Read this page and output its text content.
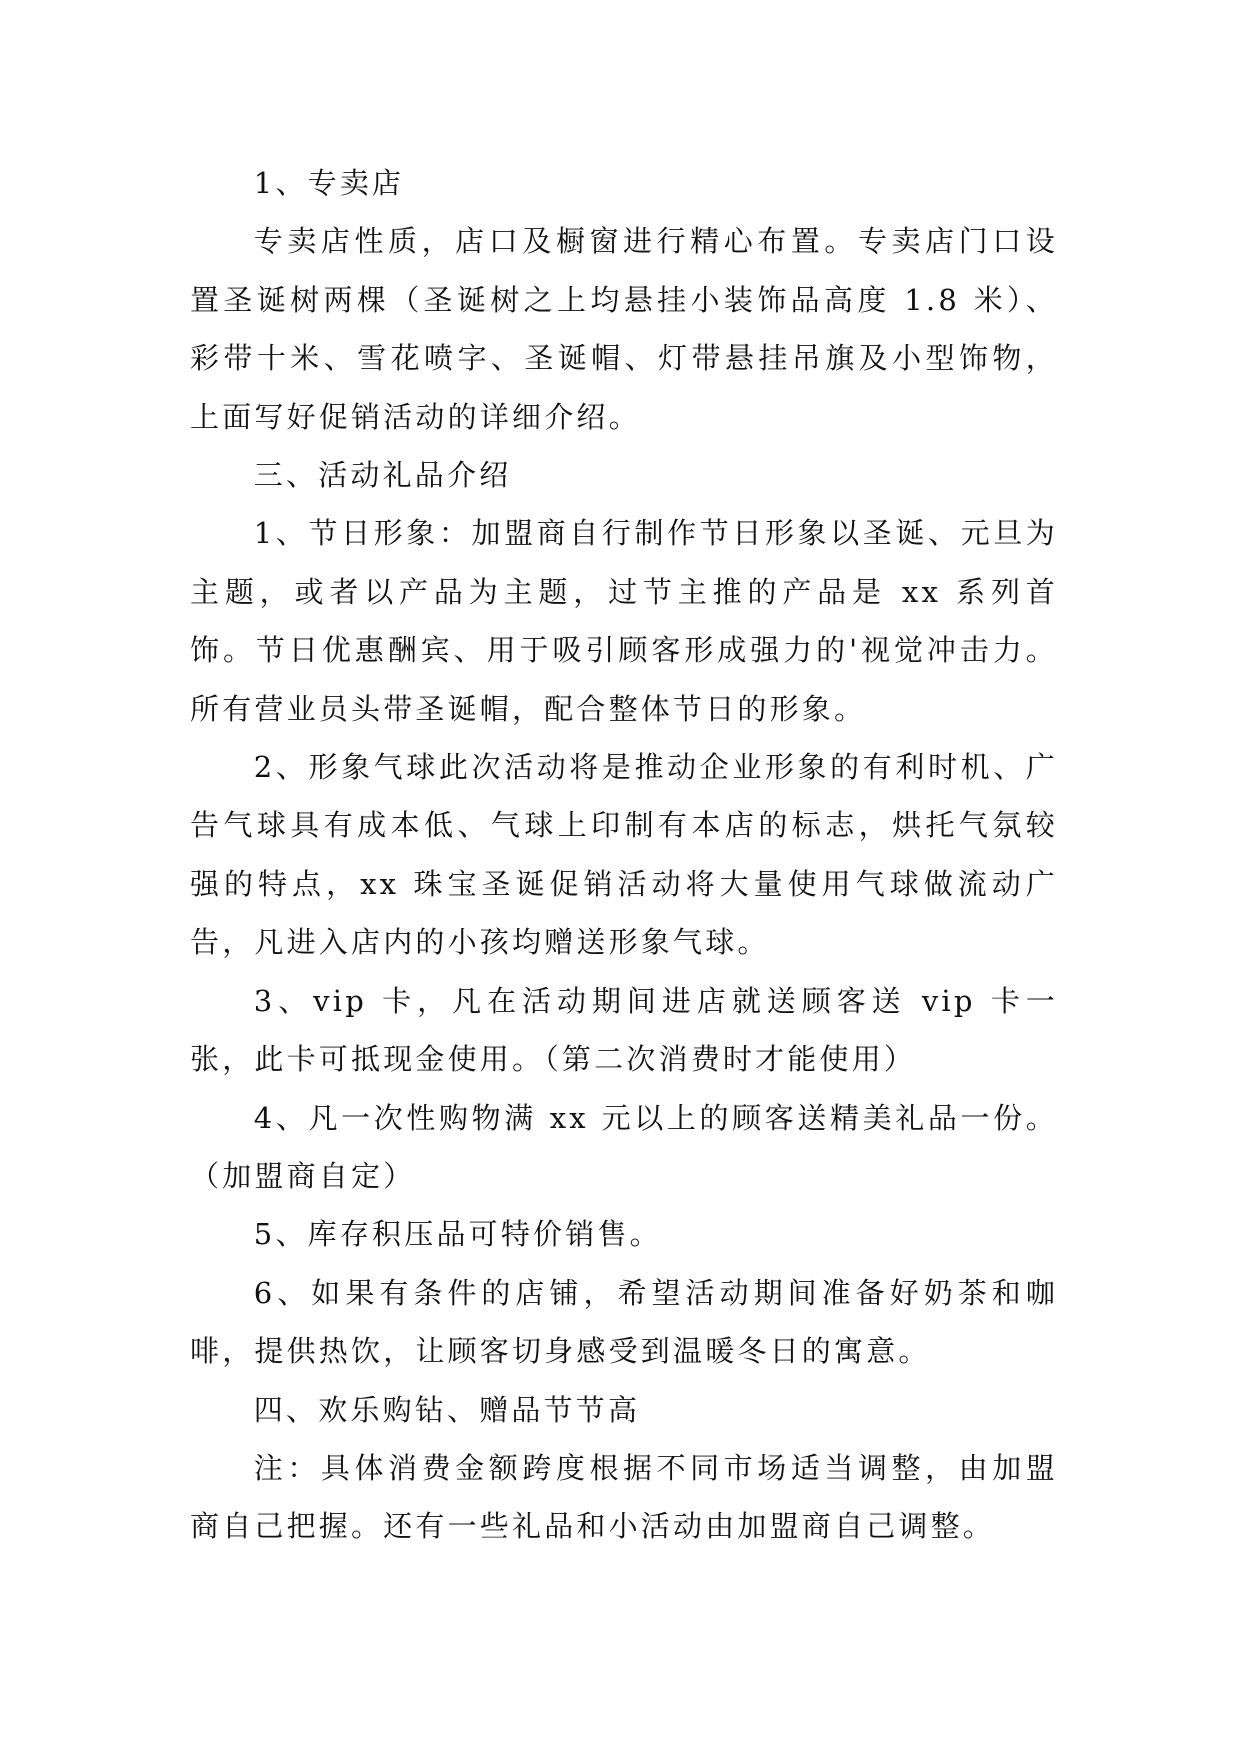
1、专卖店

专卖店性质，店口及橱窗进行精心布置。专卖店门口设置圣诞树两棵（圣诞树之上均悬挂小装饰品高度 1.8 米）、彩带十米、雪花喷字、圣诞帽、灯带悬挂吊旗及小型饰物，上面写好促销活动的详细介绍。

三、活动礼品介绍

1、节日形象：加盟商自行制作节日形象以圣诞、元旦为主题，或者以产品为主题，过节主推的产品是 xx 系列首饰。节日优惠酬宾、用于吸引顾客形成强力的'视觉冲击力。所有营业员头带圣诞帽，配合整体节日的形象。

2、形象气球此次活动将是推动企业形象的有利时机、广告气球具有成本低、气球上印制有本店的标志，烘托气氛较强的特点，xx 珠宝圣诞促销活动将大量使用气球做流动广告，凡进入店内的小孩均赠送形象气球。

3、vip 卡，凡在活动期间进店就送顾客送 vip 卡一张，此卡可抵现金使用。（第二次消费时才能使用）

4、凡一次性购物满 xx 元以上的顾客送精美礼品一份。（加盟商自定）

5、库存积压品可特价销售。

6、如果有条件的店铺，希望活动期间准备好奶茶和咖啡，提供热饮，让顾客切身感受到温暖冬日的寓意。

四、欢乐购钻、赠品节节高

注：具体消费金额跨度根据不同市场适当调整，由加盟商自己把握。还有一些礼品和小活动由加盟商自己调整。
